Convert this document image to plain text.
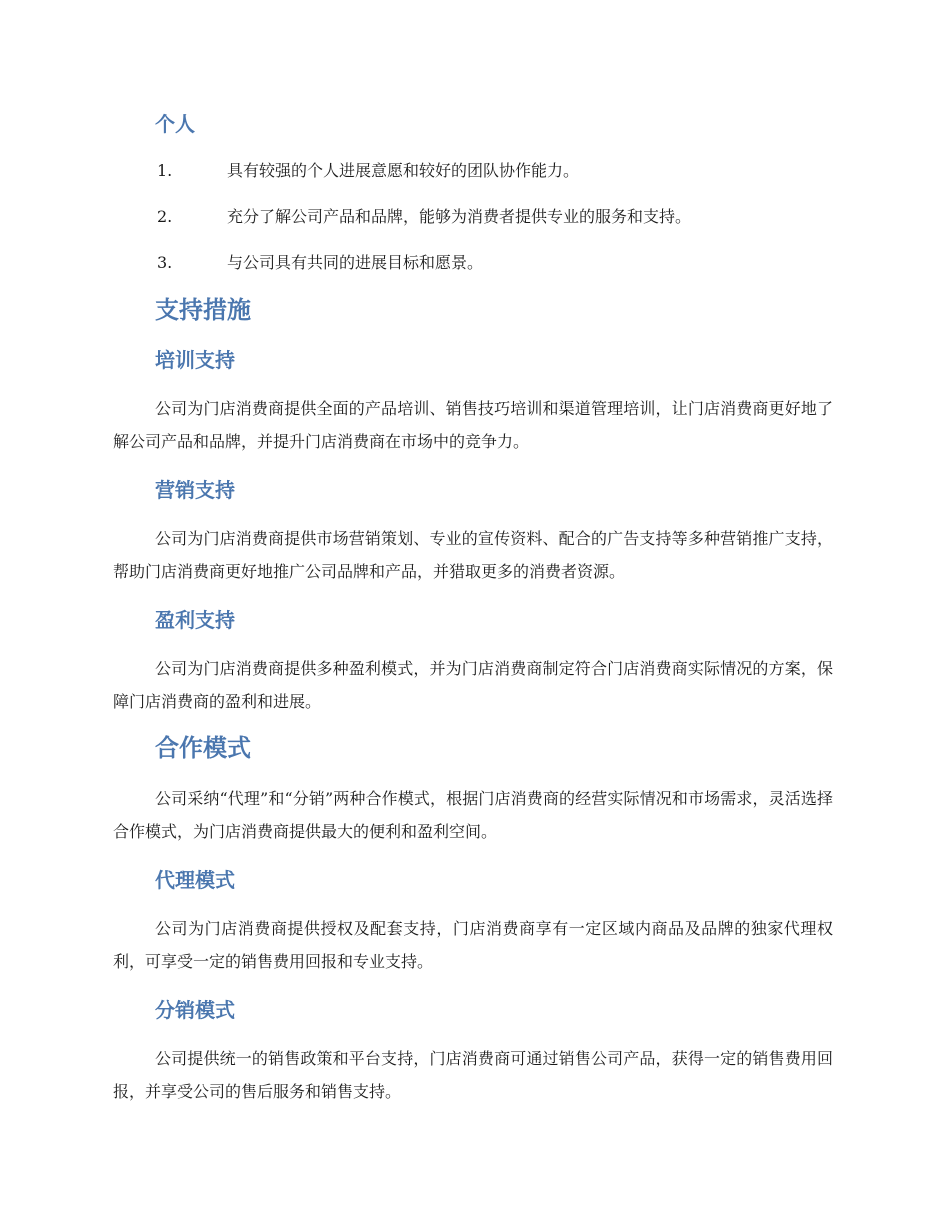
个人
1.	具有较强的个人进展意愿和较好的团队协作能力。
2.	充分了解公司产品和品牌，能够为消费者提供专业的服务和支持。
3.	与公司具有共同的进展目标和愿景。
支持措施
培训支持

公司为门店消费商提供全面的产品培训、销售技巧培训和渠道管理培训，让门店消费商更好地了解公司产品和品牌，并提升门店消费商在市场中的竞争力。

营销支持

公司为门店消费商提供市场营销策划、专业的宣传资料、配合的广告支持等多种营销推广支持，帮助门店消费商更好地推广公司品牌和产品，并猎取更多的消费者资源。

盈利支持

公司为门店消费商提供多种盈利模式，并为门店消费商制定符合门店消费商实际情况的方案，保障门店消费商的盈利和进展。

合作模式

公司采纳“代理”和“分销”两种合作模式，根据门店消费商的经营实际情况和市场需求，灵活选择合作模式，为门店消费商提供最大的便利和盈利空间。

代理模式

公司为门店消费商提供授权及配套支持，门店消费商享有一定区域内商品及品牌的独家代理权利，可享受一定的销售费用回报和专业支持。

分销模式

公司提供统一的销售政策和平台支持，门店消费商可通过销售公司产品，获得一定的销售费用回报，并享受公司的售后服务和销售支持。
